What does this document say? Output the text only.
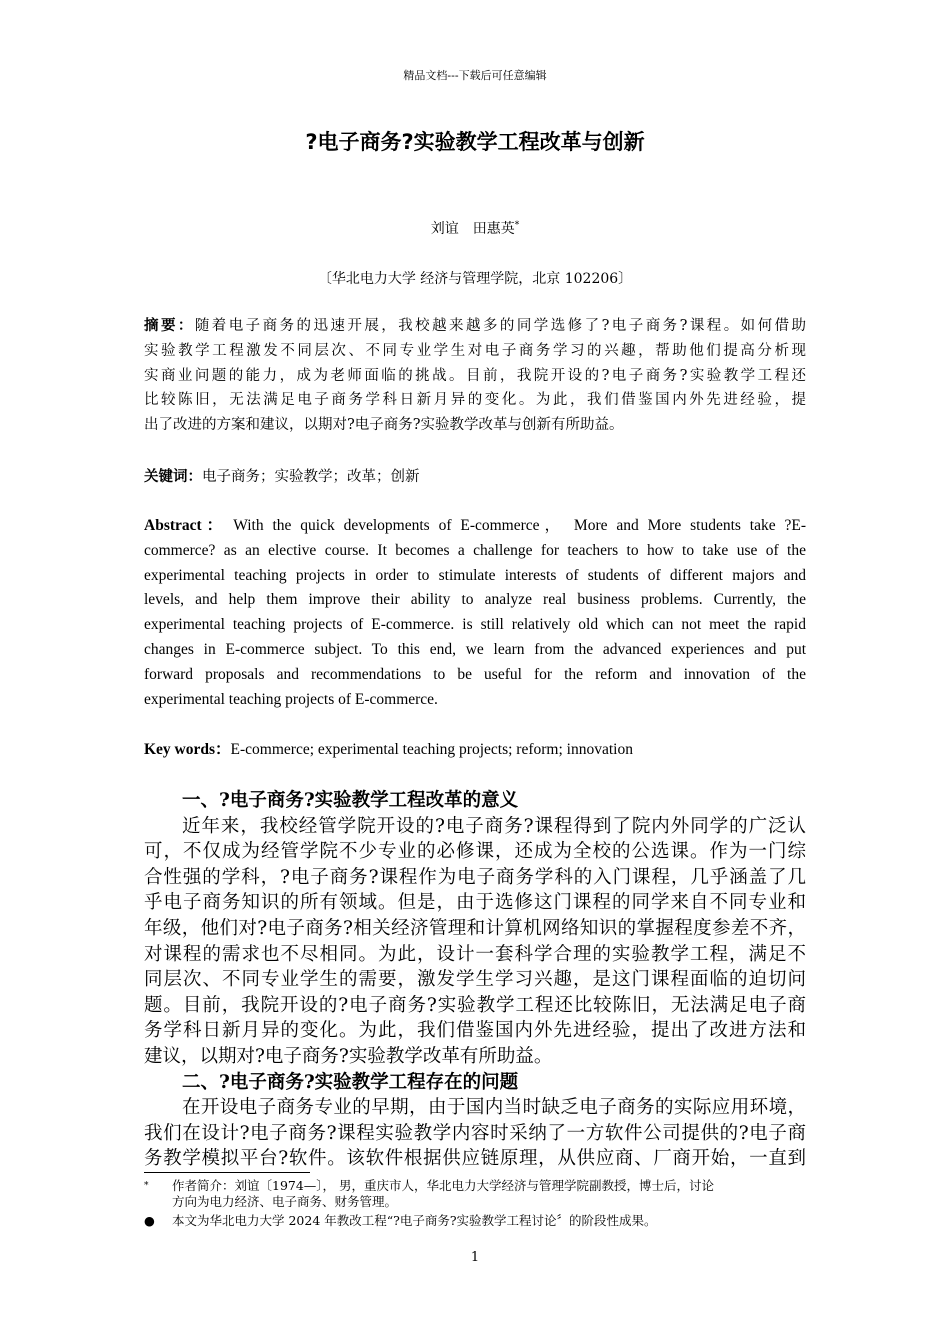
精品文档---下载后可任意编辑
?电子商务?实验教学工程改革与创新
刘谊　田惠英*
〔华北电力大学 经济与管理学院，北京 102206〕
摘要：随着电子商务的迅速开展，我校越来越多的同学选修了?电子商务?课程。如何借助
实验教学工程激发不同层次、不同专业学生对电子商务学习的兴趣，帮助他们提高分析现
实商业问题的能力，成为老师面临的挑战。目前，我院开设的?电子商务?实验教学工程还
比较陈旧，无法满足电子商务学科日新月异的变化。为此，我们借鉴国内外先进经验，提
出了改进的方案和建议，以期对?电子商务?实验教学改革与创新有所助益。
关键词：电子商务；实验教学；改革；创新
Abstract： With the quick developments of E-commerce， More and More students take ?E-
commerce? as an elective course. It becomes a challenge for teachers to how to take use of the
experimental teaching projects in order to stimulate interests of students of different majors and
levels, and help them improve their ability to analyze real business problems. Currently, the
experimental teaching projects of E-commerce. is still relatively old which can not meet the rapid
changes in E-commerce subject. To this end, we learn from the advanced experiences and put
forward proposals and recommendations to be useful for the reform and innovation of the
experimental teaching projects of E-commerce.
Key words：E-commerce; experimental teaching projects; reform; innovation
一、?电子商务?实验教学工程改革的意义
近年来，我校经管学院开设的?电子商务?课程得到了院内外同学的广泛认
可，不仅成为经管学院不少专业的必修课，还成为全校的公选课。作为一门综
合性强的学科，?电子商务?课程作为电子商务学科的入门课程，几乎涵盖了几
乎电子商务知识的所有领域。但是，由于选修这门课程的同学来自不同专业和
年级，他们对?电子商务?相关经济管理和计算机网络知识的掌握程度参差不齐，
对课程的需求也不尽相同。为此，设计一套科学合理的实验教学工程，满足不
同层次、不同专业学生的需要，激发学生学习兴趣，是这门课程面临的迫切问
题。目前，我院开设的?电子商务?实验教学工程还比较陈旧，无法满足电子商
务学科日新月异的变化。为此，我们借鉴国内外先进经验，提出了改进方法和
建议，以期对?电子商务?实验教学改革有所助益。
二、?电子商务?实验教学工程存在的问题
在开设电子商务专业的早期，由于国内当时缺乏电子商务的实际应用环境，
我们在设计?电子商务?课程实验教学内容时采纳了一方软件公司提供的?电子商
务教学模拟平台?软件。该软件根据供应链原理，从供应商、厂商开始，一直到
* 作者简介：刘谊〔1974—〕， 男，重庆市人，华北电力大学经济与管理学院副教授，博士后，讨论
方向为电力经济、电子商务、财务管理。
● 本文为华北电力大学 2024 年教改工程“?电子商务?实验教学工程讨论〞的阶段性成果。
1
